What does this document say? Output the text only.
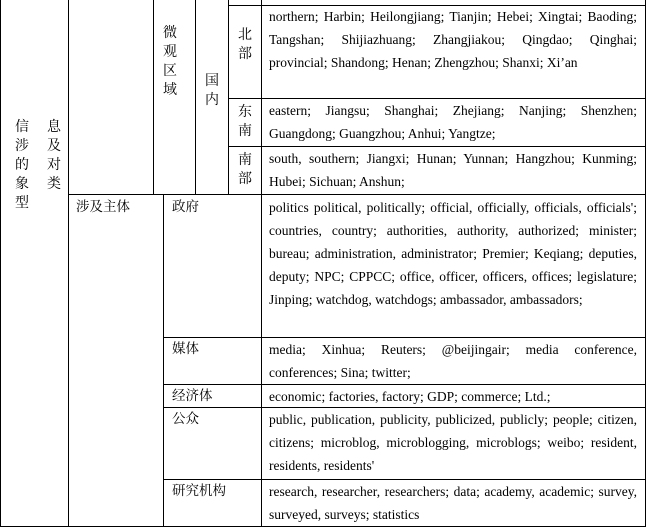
信涉的象型
息及对类
微观区域
国内
北部
东南
南部
涉及主体	政府
媒体
经济体
公众
研究机构
northern; Harbin; Heilongjiang; Tianjin; Hebei; Xingtai; Baoding; Tangshan; Shijiazhuang; Zhangjiakou; Qingdao; Qinghai; provincial; Shandong; Henan; Zhengzhou; Shanxi; Xi’an
eastern; Jiangsu; Shanghai; Zhejiang; Nanjing; Shenzhen; Guangdong; Guangzhou; Anhui; Yangtze;
south, southern; Jiangxi; Hunan; Yunnan; Hangzhou; Kunming; Hubei; Sichuan; Anshun;
politics political, politically; official, officially, officials, officials'; countries, country; authorities, authority, authorized; minister; bureau; administration, administrator; Premier; Keqiang; deputies, deputy; NPC; CPPCC; office, officer, officers, offices; legislature; Jinping; watchdog, watchdogs; ambassador, ambassadors;
media; Xinhua; Reuters; @beijingair; media conference, conferences; Sina; twitter;
economic; factories, factory; GDP; commerce; Ltd.;
public, publication, publicity, publicized, publicly; people; citizen, citizens; microblog, microblogging, microblogs; weibo; resident, residents, residents'
research, researcher, researchers; data; academy, academic; survey, surveyed, surveys; statistics
